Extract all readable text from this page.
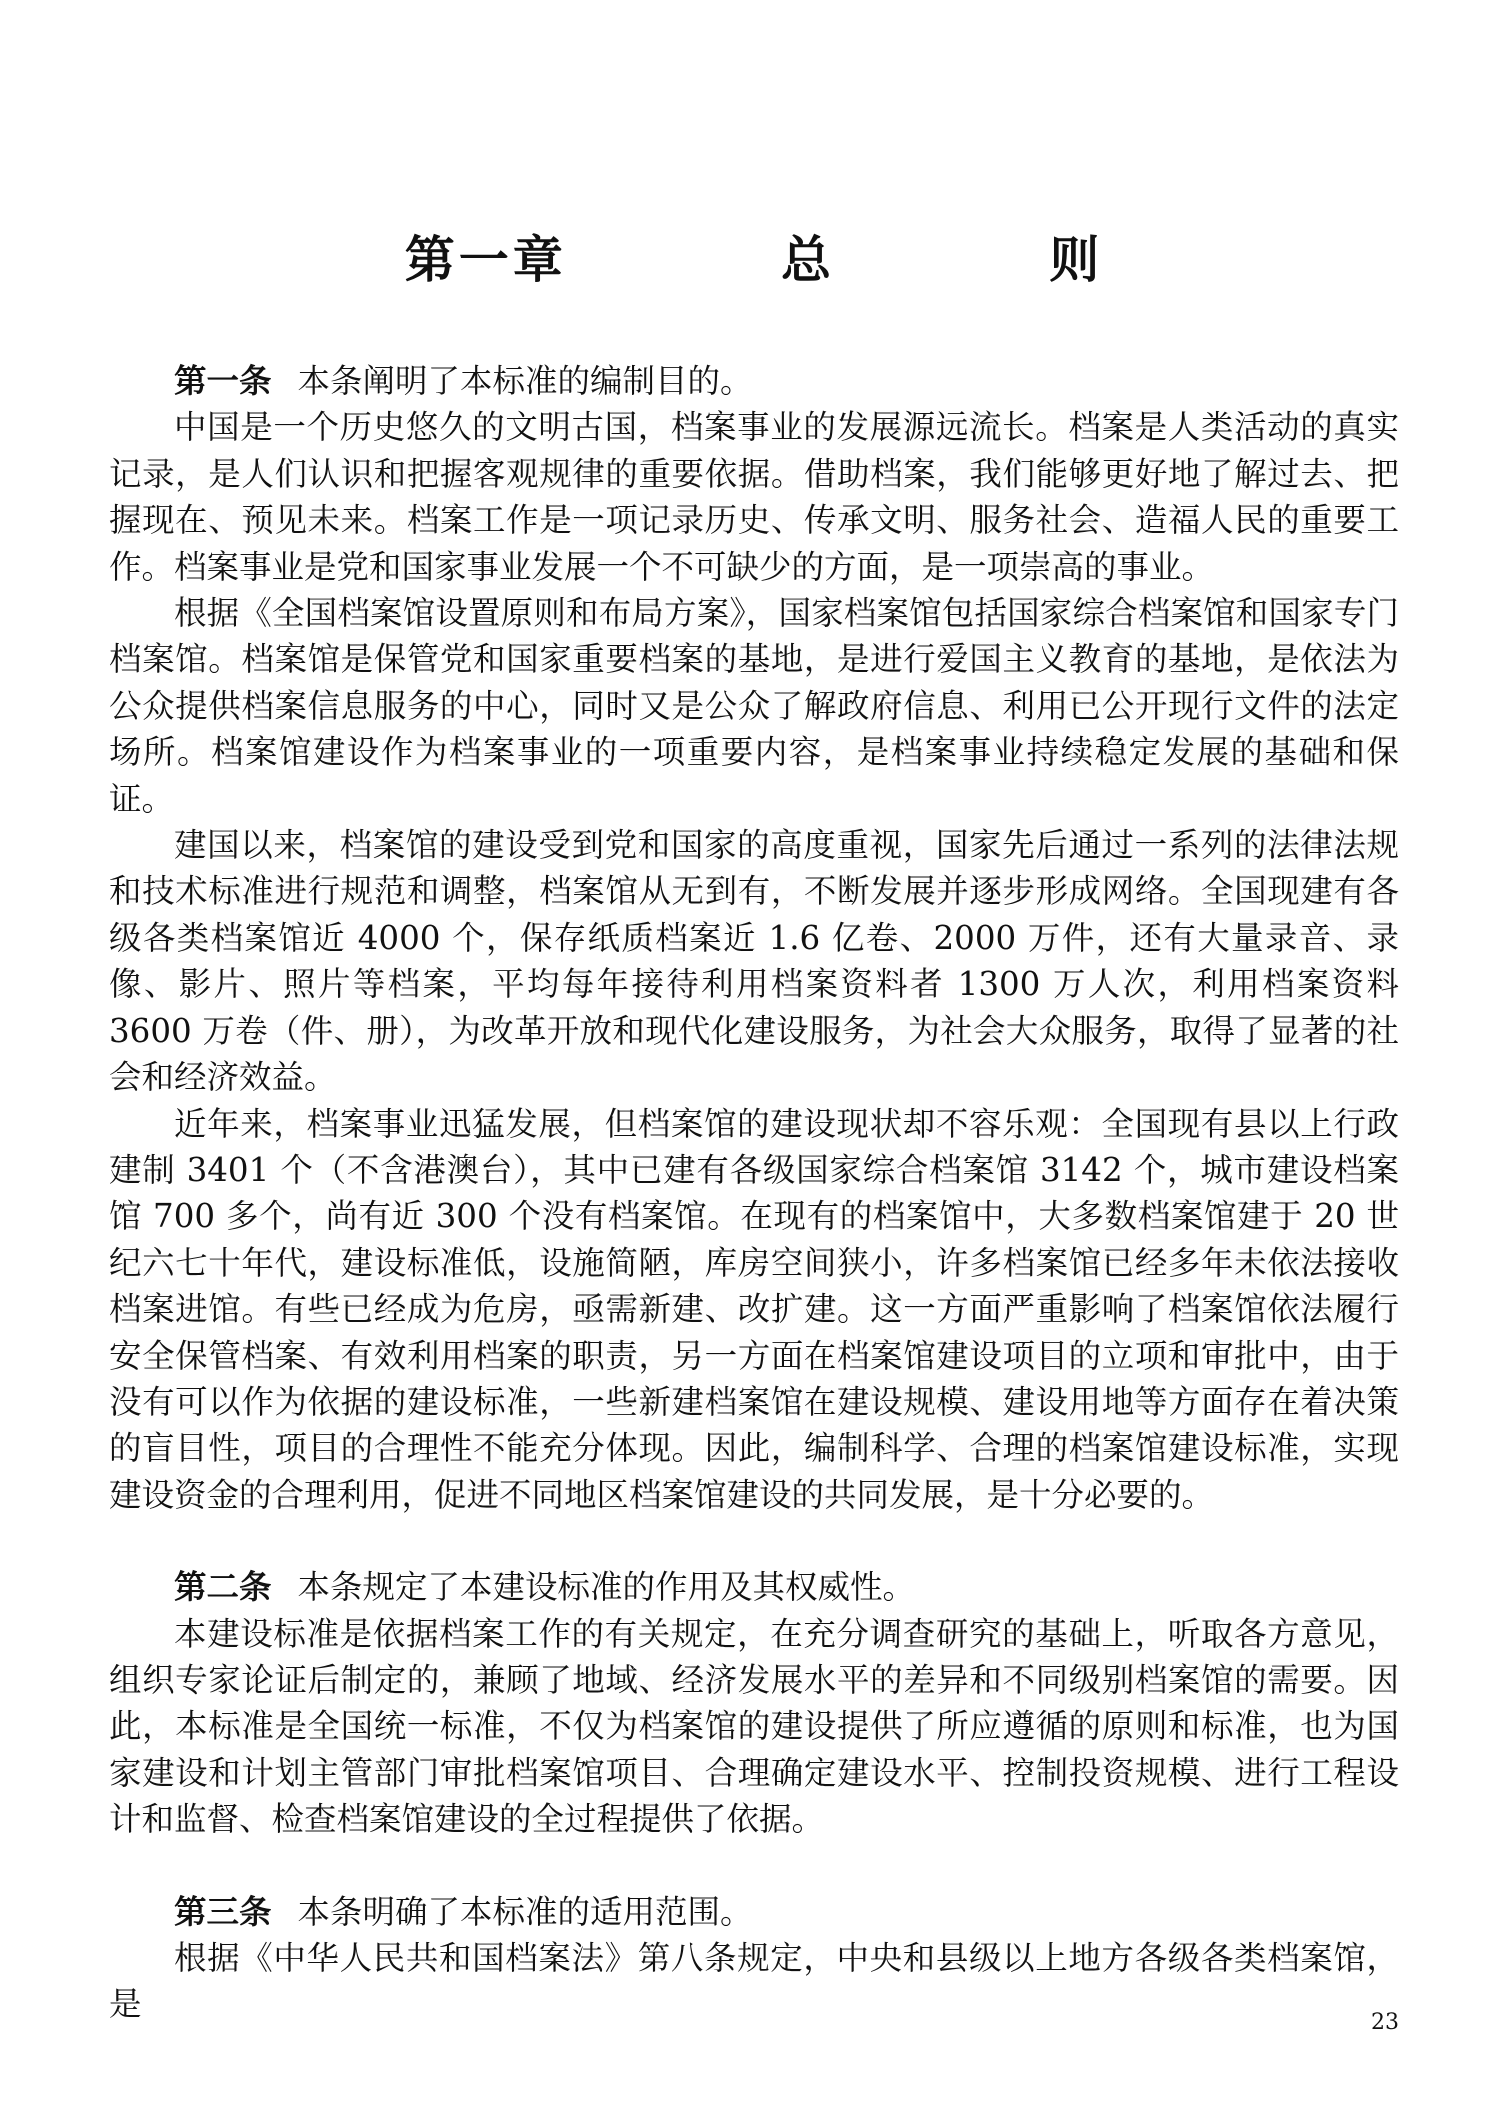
第一章   总   则

第一条 本条阐明了本标准的编制目的。

中国是一个历史悠久的文明古国，档案事业的发展源远流长。档案是人类活动的真实记录，是人们认识和把握客观规律的重要依据。借助档案，我们能够更好地了解过去、把握现在、预见未来。档案工作是一项记录历史、传承文明、服务社会、造福人民的重要工作。档案事业是党和国家事业发展一个不可缺少的方面，是一项崇高的事业。

根据《全国档案馆设置原则和布局方案》，国家档案馆包括国家综合档案馆和国家专门档案馆。档案馆是保管党和国家重要档案的基地，是进行爱国主义教育的基地，是依法为公众提供档案信息服务的中心，同时又是公众了解政府信息、利用已公开现行文件的法定场所。档案馆建设作为档案事业的一项重要内容，是档案事业持续稳定发展的基础和保证。

建国以来，档案馆的建设受到党和国家的高度重视，国家先后通过一系列的法律法规和技术标准进行规范和调整，档案馆从无到有，不断发展并逐步形成网络。全国现建有各级各类档案馆近 4000 个，保存纸质档案近 1.6 亿卷、2000 万件，还有大量录音、录像、影片、照片等档案，平均每年接待利用档案资料者 1300 万人次，利用档案资料 3600 万卷（件、册），为改革开放和现代化建设服务，为社会大众服务，取得了显著的社会和经济效益。

近年来，档案事业迅猛发展，但档案馆的建设现状却不容乐观：全国现有县以上行政建制 3401 个（不含港澳台），其中已建有各级国家综合档案馆 3142 个，城市建设档案馆 700 多个，尚有近 300 个没有档案馆。在现有的档案馆中，大多数档案馆建于 20 世纪六七十年代，建设标准低，设施简陋，库房空间狭小，许多档案馆已经多年未依法接收档案进馆。有些已经成为危房，亟需新建、改扩建。这一方面严重影响了档案馆依法履行安全保管档案、有效利用档案的职责，另一方面在档案馆建设项目的立项和审批中，由于没有可以作为依据的建设标准，一些新建档案馆在建设规模、建设用地等方面存在着决策的盲目性，项目的合理性不能充分体现。因此，编制科学、合理的档案馆建设标准，实现建设资金的合理利用，促进不同地区档案馆建设的共同发展，是十分必要的。

第二条 本条规定了本建设标准的作用及其权威性。

本建设标准是依据档案工作的有关规定，在充分调查研究的基础上，听取各方意见，组织专家论证后制定的，兼顾了地域、经济发展水平的差异和不同级别档案馆的需要。因此，本标准是全国统一标准，不仅为档案馆的建设提供了所应遵循的原则和标准，也为国家建设和计划主管部门审批档案馆项目、合理确定建设水平、控制投资规模、进行工程设计和监督、检查档案馆建设的全过程提供了依据。

第三条 本条明确了本标准的适用范围。

根据《中华人民共和国档案法》第八条规定，中央和县级以上地方各级各类档案馆，是	23
